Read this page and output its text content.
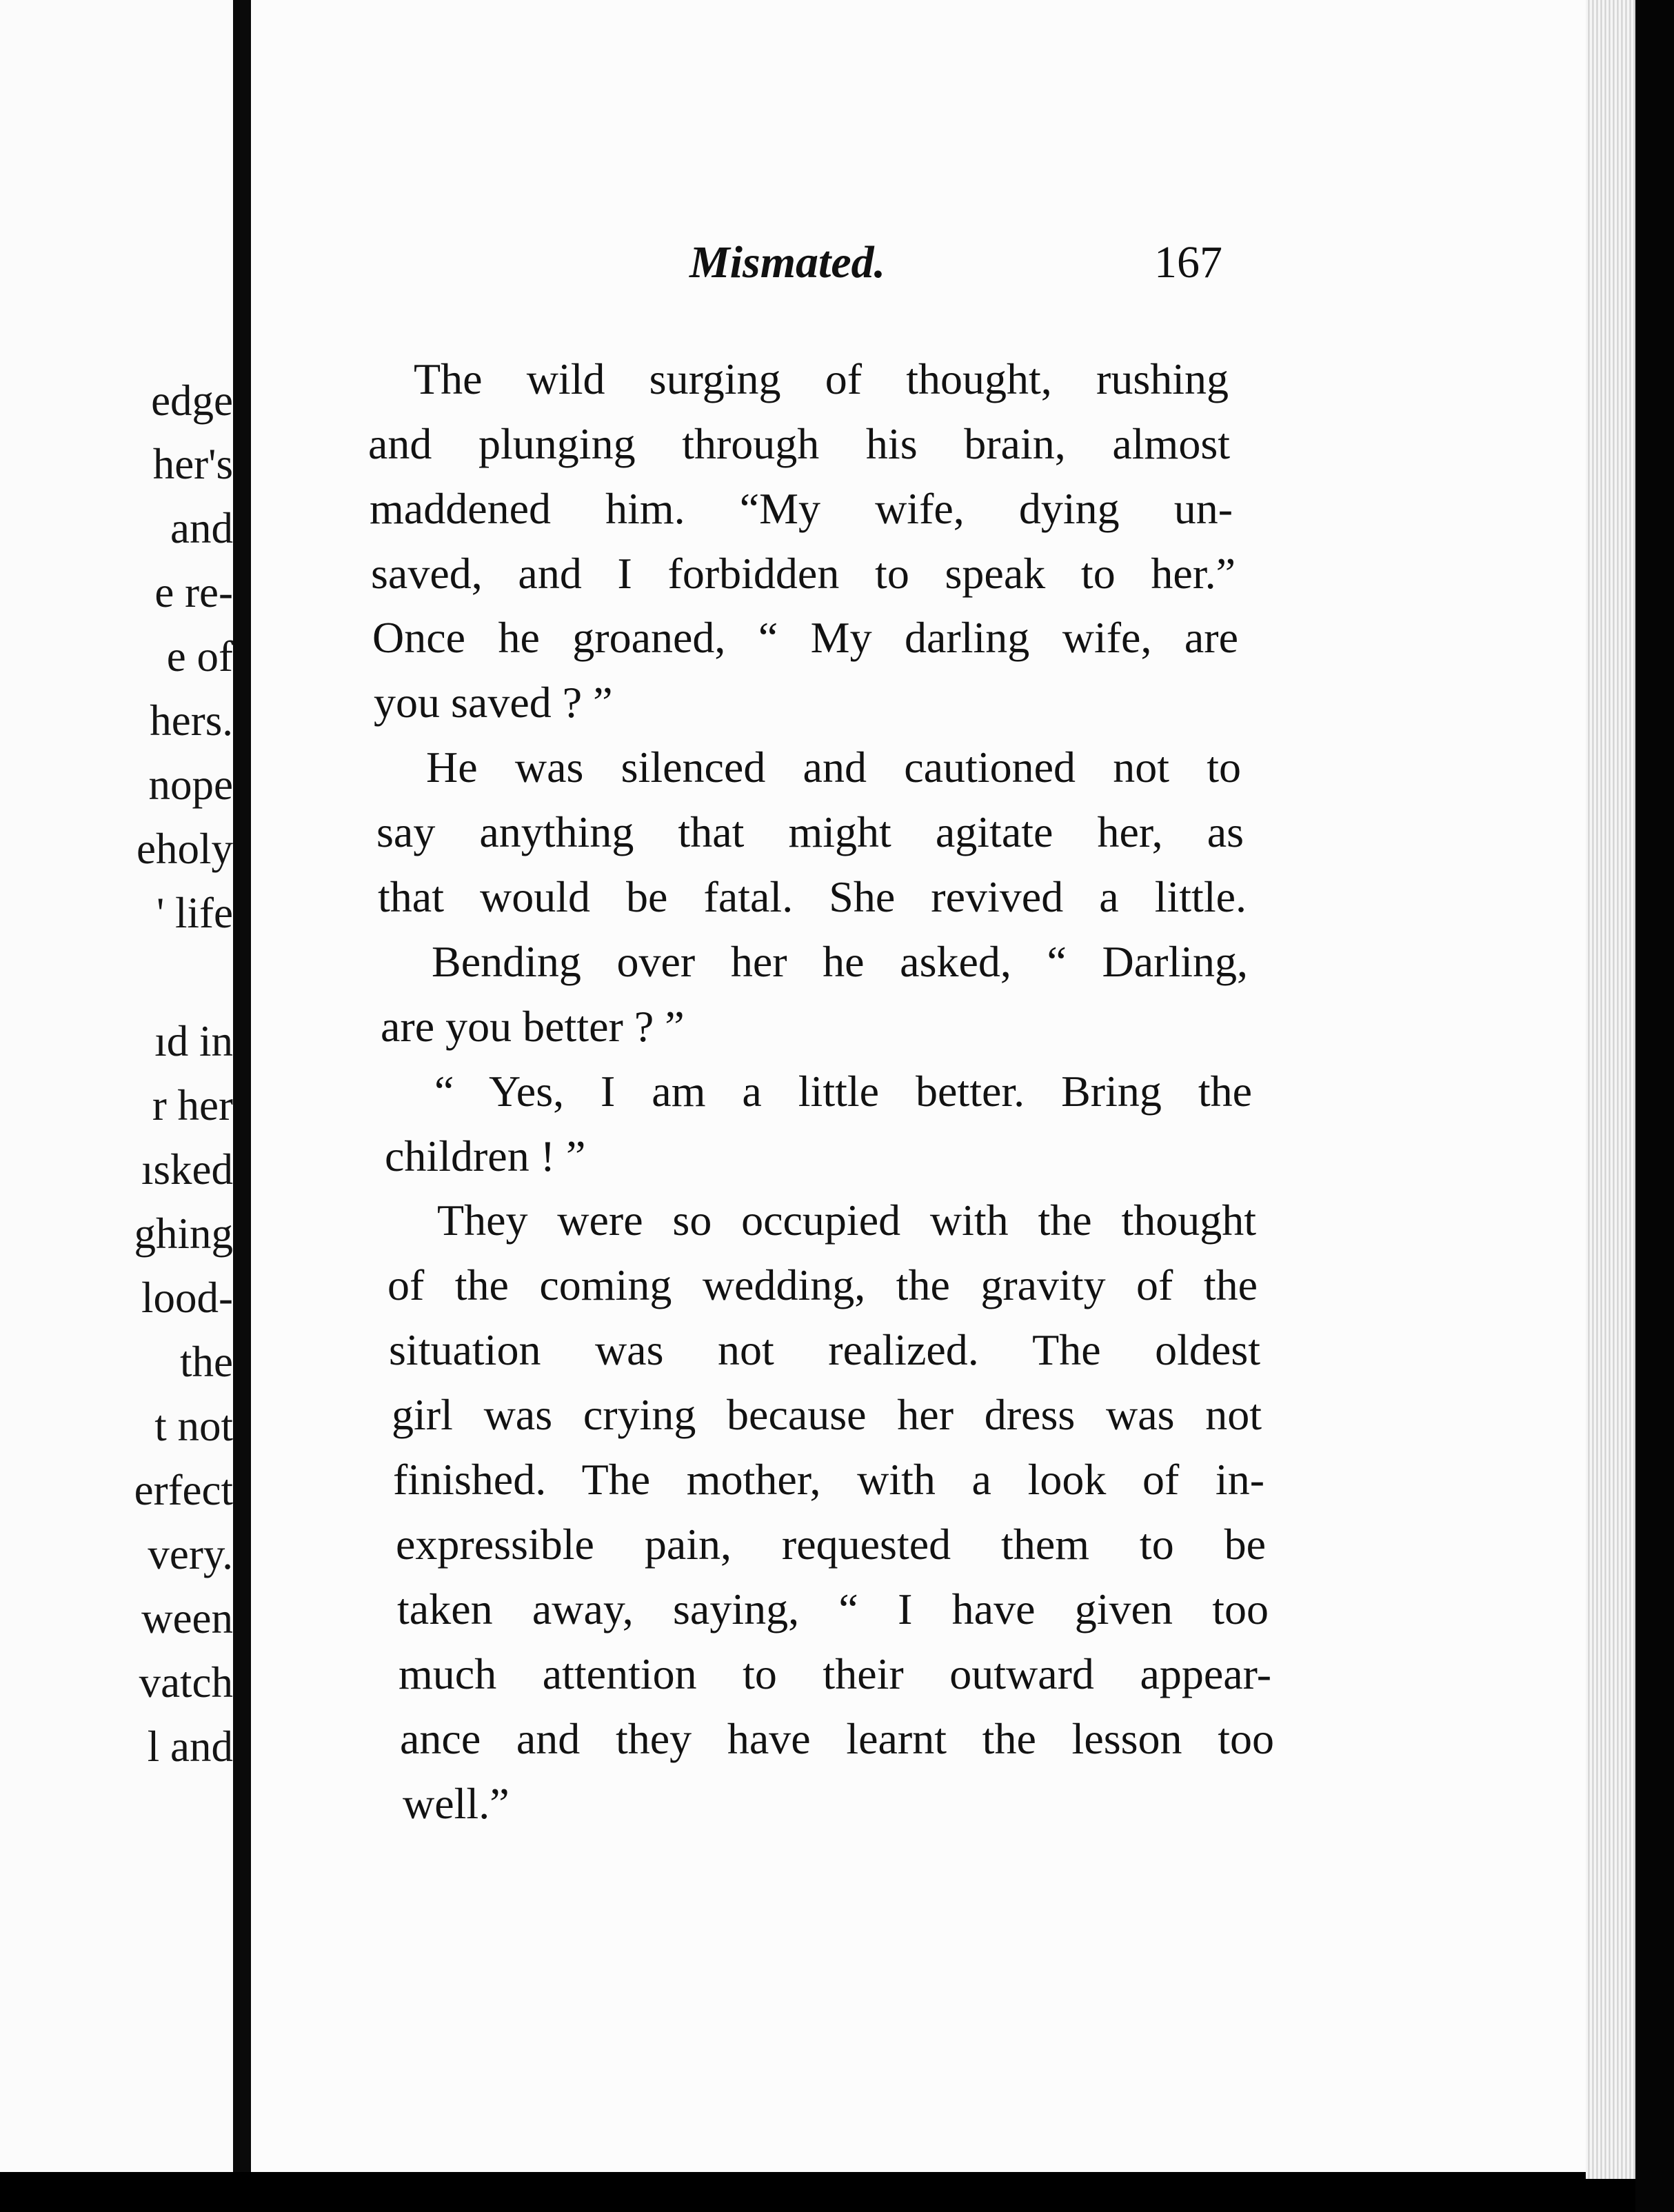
edge

her's

and

e re-

e of

hers.

nope

eholy

' life

ıd in

r her

ısked

ghing

lood-

the

t not

erfect

very.

ween

vatch

l and

Mismated.	167

The wild surging of thought, rushing

and plunging through his brain, almost

maddened him. “My wife, dying un-

saved, and I forbidden to speak to her.”

Once he groaned, “ My darling wife, are

you saved ? ”

He was silenced and cautioned not to

say anything that might agitate her, as

that would be fatal. She revived a little.

Bending over her he asked, “ Darling,

are you better ? ”

“ Yes, I am a little better. Bring the

children ! ”

They were so occupied with the thought

of the coming wedding, the gravity of the

situation was not realized. The oldest

girl was crying because her dress was not

finished. The mother, with a look of in-

expressible pain, requested them to be

taken away, saying, “ I have given too

much attention to their outward appear-

ance and they have learnt the lesson too

well.”
